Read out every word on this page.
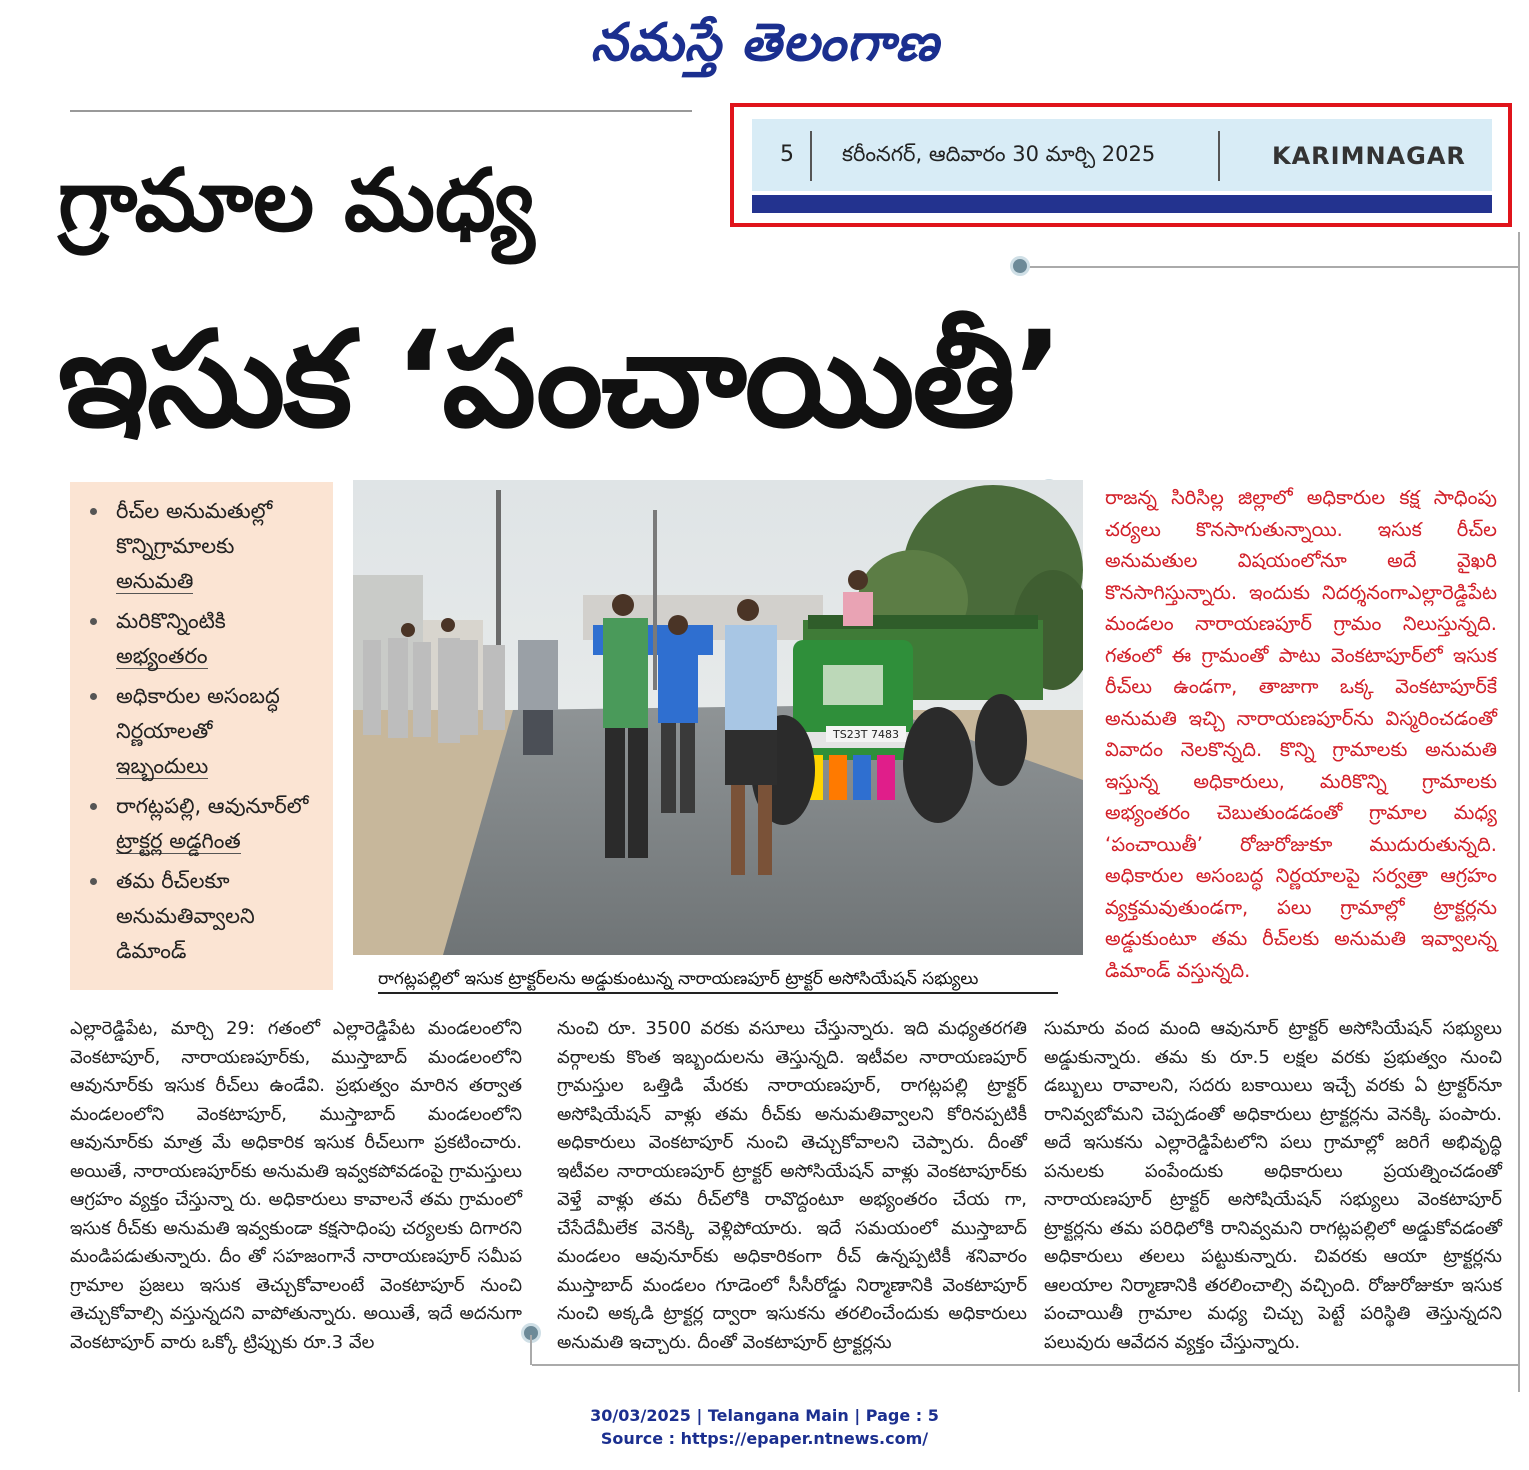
నమస్తే తెలంగాణ
5 కరీంనగర్, ఆదివారం 30 మార్చి 2025	KARIMNAGAR
గ్రామాల మధ్య
ఇసుక ‘పంచాయితీ’
రీచ్‌ల అనుమతుల్లో
కొన్నిగ్రామాలకు
అనుమతి
మరికొన్నింటికి
అభ్యంతరం
అధికారుల అసంబద్ధ
నిర్ణయాలతో
ఇబ్బందులు
రాగట్లపల్లి, ఆవునూర్‌లో
ట్రాక్టర్ల అడ్డగింత
తమ రీచ్‌లకూ
అనుమతివ్వాలని
డిమాండ్
TS23T 7483
రాగట్లపల్లిలో ఇసుక ట్రాక్టర్‌లను అడ్డుకుంటున్న నారాయణపూర్ ట్రాక్టర్ అసోసియేషన్ సభ్యులు
రాజన్న సిరిసిల్ల జిల్లాలో అధికారుల కక్ష సాధింపు చర్యలు కొనసాగుతున్నాయి. ఇసుక రీచ్‌ల అనుమతుల విషయంలోనూ అదే వైఖరి కొనసాగిస్తున్నారు. ఇందుకు నిదర్శనంగాఎల్లారెడ్డిపేట మండలం నారాయణపూర్ గ్రామం నిలుస్తున్నది. గతంలో ఈ గ్రామంతో పాటు వెంకటాపూర్‌లో ఇసుక రీచ్‌లు ఉండగా, తాజాగా ఒక్క వెంకటాపూర్‌కే అనుమతి ఇచ్చి నారాయణపూర్‌ను విస్మరించడంతో వివాదం నెలకొన్నది. కొన్ని గ్రామాలకు అనుమతి ఇస్తున్న అధికారులు, మరికొన్ని గ్రామాలకు అభ్యంతరం చెబుతుండడంతో గ్రామాల మధ్య ‘పంచాయితీ’ రోజురోజుకూ ముదురుతున్నది. అధికారుల అసంబద్ధ నిర్ణయాలపై సర్వత్రా ఆగ్రహం వ్యక్తమవుతుండగా, పలు గ్రామాల్లో ట్రాక్టర్లను అడ్డుకుంటూ తమ రీచ్‌లకు అనుమతి ఇవ్వాలన్న డిమాండ్ వస్తున్నది.
ఎల్లారెడ్డిపేట, మార్చి 29: గతంలో ఎల్లారెడ్డిపేట మండలంలోని వెంకటాపూర్, నారాయణపూర్‌కు, ముస్తాబాద్ మండలంలోని ఆవునూర్‌కు ఇసుక రీచ్‌లు ఉండేవి. ప్రభుత్వం మారిన తర్వాత మండలంలోని వెంకటాపూర్, ముస్తాబాద్ మండలంలోని ఆవునూర్‌కు మాత్ర మే అధికారిక ఇసుక రీచ్‌లుగా ప్రకటించారు. అయితే, నారాయణపూర్‌కు అనుమతి ఇవ్వకపోవడంపై గ్రామస్తులు ఆగ్రహం వ్యక్తం చేస్తున్నా రు. అధికారులు కావాలనే తమ గ్రామంలో ఇసుక రీచ్‌కు అనుమతి ఇవ్వకుండా కక్షసాధింపు చర్యలకు దిగారని మండిపడుతున్నారు. దీం తో సహజంగానే నారాయణపూర్ సమీప గ్రామాల ప్రజలు ఇసుక తెచ్చుకోవాలంటే వెంకటాపూర్ నుంచి తెచ్చుకోవాల్సి వస్తున్నదని వాపోతున్నారు. అయితే, ఇదే అదనుగా వెంకటాపూర్ వారు ఒక్కో ట్రిప్పుకు రూ.3 వేల
నుంచి రూ. 3500 వరకు వసూలు చేస్తున్నారు. ఇది మధ్యతరగతి వర్గాలకు కొంత ఇబ్బందులను తెస్తున్నది. ఇటీవల నారాయణపూర్ గ్రామస్తుల ఒత్తిడి మేరకు నారాయణపూర్, రాగట్లపల్లి ట్రాక్టర్ అసోషియేషన్ వాళ్లు తమ రీచ్‌కు అనుమతివ్వాలని కోరినప్పటికీ అధికారులు వెంకటాపూర్ నుంచి తెచ్చుకోవాలని చెప్పారు. దీంతో ఇటీవల నారాయణపూర్ ట్రాక్టర్ అసోసియేషన్ వాళ్లు వెంకటాపూర్‌కు వెళ్తే వాళ్లు తమ రీచ్‌లోకి రావొద్దంటూ అభ్యంతరం చేయ గా, చేసేదేమీలేక వెనక్కి వెళ్లిపోయారు. ఇదే సమయంలో ముస్తాబాద్ మండలం ఆవునూర్‌కు అధికారికంగా రీచ్ ఉన్నప్పటికీ శనివారం ముస్తాబాద్ మండలం గూడెంలో సీసీరోడ్డు నిర్మాణానికి వెంకటాపూర్ నుంచి అక్కడి ట్రాక్టర్ల ద్వారా ఇసుకను తరలించేందుకు అధికారులు అనుమతి ఇచ్చారు. దీంతో వెంకటాపూర్ ట్రాక్టర్లను
సుమారు వంద మంది ఆవునూర్ ట్రాక్టర్ అసోసియేషన్ సభ్యులు అడ్డుకున్నారు. తమ కు రూ.5 లక్షల వరకు ప్రభుత్వం నుంచి డబ్బులు రావాలని, సదరు బకాయిలు ఇచ్చే వరకు ఏ ట్రాక్టర్‌నూ రానివ్వబోమని చెప్పడంతో అధికారులు ట్రాక్టర్లను వెనక్కి పంపారు. అదే ఇసుకను ఎల్లారెడ్డిపేటలోని పలు గ్రామాల్లో జరిగే అభివృద్ధి పనులకు పంపేందుకు అధికారులు ప్రయత్నించడంతో నారాయణపూర్ ట్రాక్టర్ అసోషియేషన్ సభ్యులు వెంకటాపూర్ ట్రాక్టర్లను తమ పరిధిలోకి రానివ్వమని రాగట్లపల్లిలో అడ్డుకోవడంతో అధికారులు తలలు పట్టుకున్నారు. చివరకు ఆయా ట్రాక్టర్లను ఆలయాల నిర్మాణానికి తరలించాల్సి వచ్చింది. రోజురోజుకూ ఇసుక పంచాయితీ గ్రామాల మధ్య చిచ్చు పెట్టే పరిస్థితి తెస్తున్నదని పలువురు ఆవేదన వ్యక్తం చేస్తున్నారు.
30/03/2025 | Telangana Main | Page : 5
Source : https://epaper.ntnews.com/
